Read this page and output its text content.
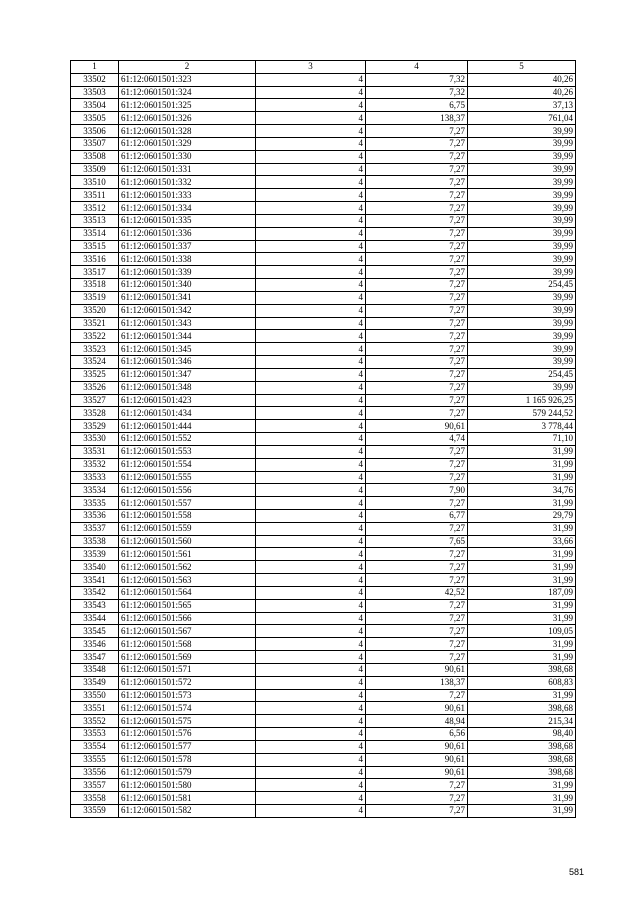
1	2	3	4	5
33502	61:12:0601501:323	4	7,32	40,26
33503	61:12:0601501:324	4	7,32	40,26
33504	61:12:0601501:325	4	6,75	37,13
33505	61:12:0601501:326	4	138,37	761,04
33506	61:12:0601501:328	4	7,27	39,99
33507	61:12:0601501:329	4	7,27	39,99
33508	61:12:0601501:330	4	7,27	39,99
33509	61:12:0601501:331	4	7,27	39,99
33510	61:12:0601501:332	4	7,27	39,99
33511	61:12:0601501:333	4	7,27	39,99
33512	61:12:0601501:334	4	7,27	39,99
33513	61:12:0601501:335	4	7,27	39,99
33514	61:12:0601501:336	4	7,27	39,99
33515	61:12:0601501:337	4	7,27	39,99
33516	61:12:0601501:338	4	7,27	39,99
33517	61:12:0601501:339	4	7,27	39,99
33518	61:12:0601501:340	4	7,27	254,45
33519	61:12:0601501:341	4	7,27	39,99
33520	61:12:0601501:342	4	7,27	39,99
33521	61:12:0601501:343	4	7,27	39,99
33522	61:12:0601501:344	4	7,27	39,99
33523	61:12:0601501:345	4	7,27	39,99
33524	61:12:0601501:346	4	7,27	39,99
33525	61:12:0601501:347	4	7,27	254,45
33526	61:12:0601501:348	4	7,27	39,99
33527	61:12:0601501:423	4	7,27	1 165 926,25
33528	61:12:0601501:434	4	7,27	579 244,52
33529	61:12:0601501:444	4	90,61	3 778,44
33530	61:12:0601501:552	4	4,74	71,10
33531	61:12:0601501:553	4	7,27	31,99
33532	61:12:0601501:554	4	7,27	31,99
33533	61:12:0601501:555	4	7,27	31,99
33534	61:12:0601501:556	4	7,90	34,76
33535	61:12:0601501:557	4	7,27	31,99
33536	61:12:0601501:558	4	6,77	29,79
33537	61:12:0601501:559	4	7,27	31,99
33538	61:12:0601501:560	4	7,65	33,66
33539	61:12:0601501:561	4	7,27	31,99
33540	61:12:0601501:562	4	7,27	31,99
33541	61:12:0601501:563	4	7,27	31,99
33542	61:12:0601501:564	4	42,52	187,09
33543	61:12:0601501:565	4	7,27	31,99
33544	61:12:0601501:566	4	7,27	31,99
33545	61:12:0601501:567	4	7,27	109,05
33546	61:12:0601501:568	4	7,27	31,99
33547	61:12:0601501:569	4	7,27	31,99
33548	61:12:0601501:571	4	90,61	398,68
33549	61:12:0601501:572	4	138,37	608,83
33550	61:12:0601501:573	4	7,27	31,99
33551	61:12:0601501:574	4	90,61	398,68
33552	61:12:0601501:575	4	48,94	215,34
33553	61:12:0601501:576	4	6,56	98,40
33554	61:12:0601501:577	4	90,61	398,68
33555	61:12:0601501:578	4	90,61	398,68
33556	61:12:0601501:579	4	90,61	398,68
33557	61:12:0601501:580	4	7,27	31,99
33558	61:12:0601501:581	4	7,27	31,99
33559	61:12:0601501:582	4	7,27	31,99
581
